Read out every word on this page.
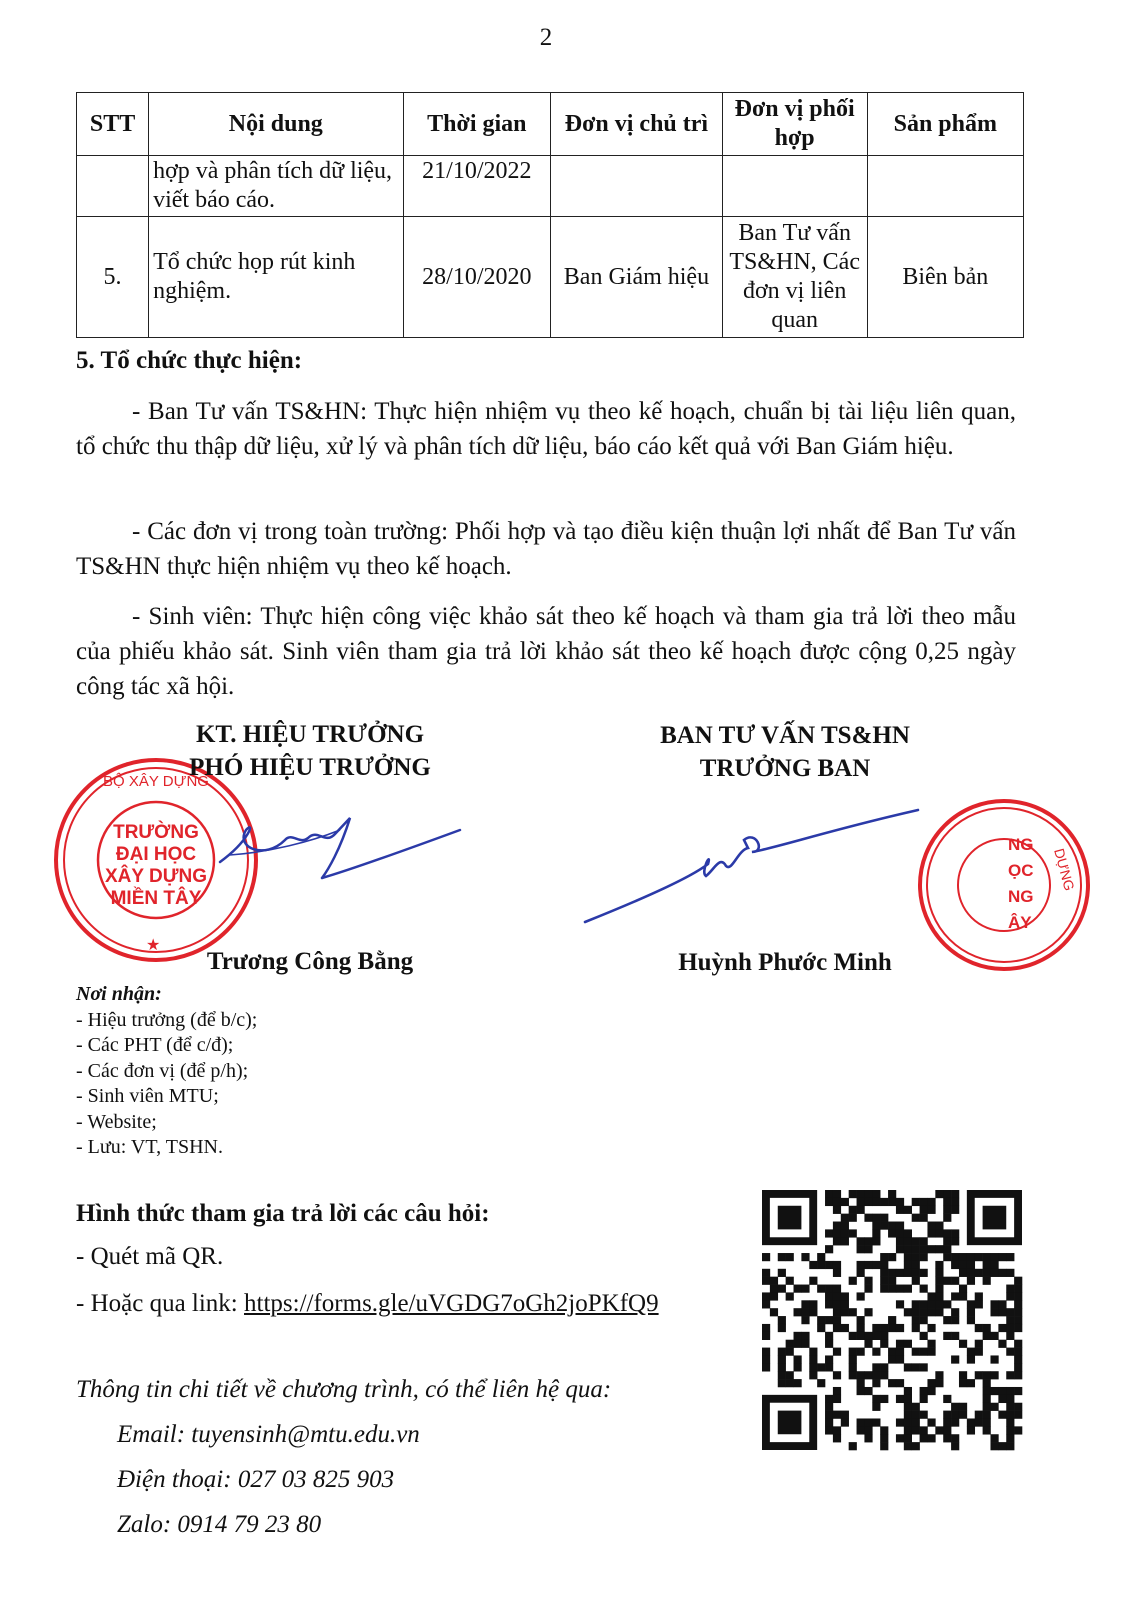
2
STT	Nội dung	Thời gian	Đơn vị chủ trì	Đơn vị phối hợp	Sản phẩm
	hợp và phân tích dữ liệu, viết báo cáo.	21/10/2022			
5.	Tổ chức họp rút kinh nghiệm.	28/10/2020	Ban Giám hiệu	Ban Tư vấn TS&HN, Các đơn vị liên quan	Biên bản
5. Tổ chức thực hiện:
- Ban Tư vấn TS&HN: Thực hiện nhiệm vụ theo kế hoạch, chuẩn bị tài liệu liên quan, tổ chức thu thập dữ liệu, xử lý và phân tích dữ liệu, báo cáo kết quả với Ban Giám hiệu.
- Các đơn vị trong toàn trường: Phối hợp và tạo điều kiện thuận lợi nhất để Ban Tư vấn TS&HN thực hiện nhiệm vụ theo kế hoạch.
- Sinh viên: Thực hiện công việc khảo sát theo kế hoạch và tham gia trả lời theo mẫu của phiếu khảo sát. Sinh viên tham gia trả lời khảo sát theo kế hoạch được cộng 0,25 ngày công tác xã hội.
TRƯỜNG
ĐẠI HỌC
XÂY DỰNG
MIỀN TÂY
BỘ XÂY DỰNG
★
NG
ỌC
NG
ÂY
DỰNG
KT. HIỆU TRƯỞNG
PHÓ HIỆU TRƯỞNG
BAN TƯ VẤN TS&HN
TRƯỞNG BAN
Trương Công Bằng	Huỳnh Phước Minh
Nơi nhận:
- Hiệu trưởng (để b/c);
- Các PHT (để c/đ);
- Các đơn vị (để p/h);
- Sinh viên MTU;
- Website;
- Lưu: VT, TSHN.
Hình thức tham gia trả lời các câu hỏi:
- Quét mã QR.
- Hoặc qua link: https://forms.gle/uVGDG7oGh2joPKfQ9
Thông tin chi tiết về chương trình, có thể liên hệ qua:
Email: tuyensinh@mtu.edu.vn
Điện thoại: 027 03 825 903
Zalo: 0914 79 23 80
